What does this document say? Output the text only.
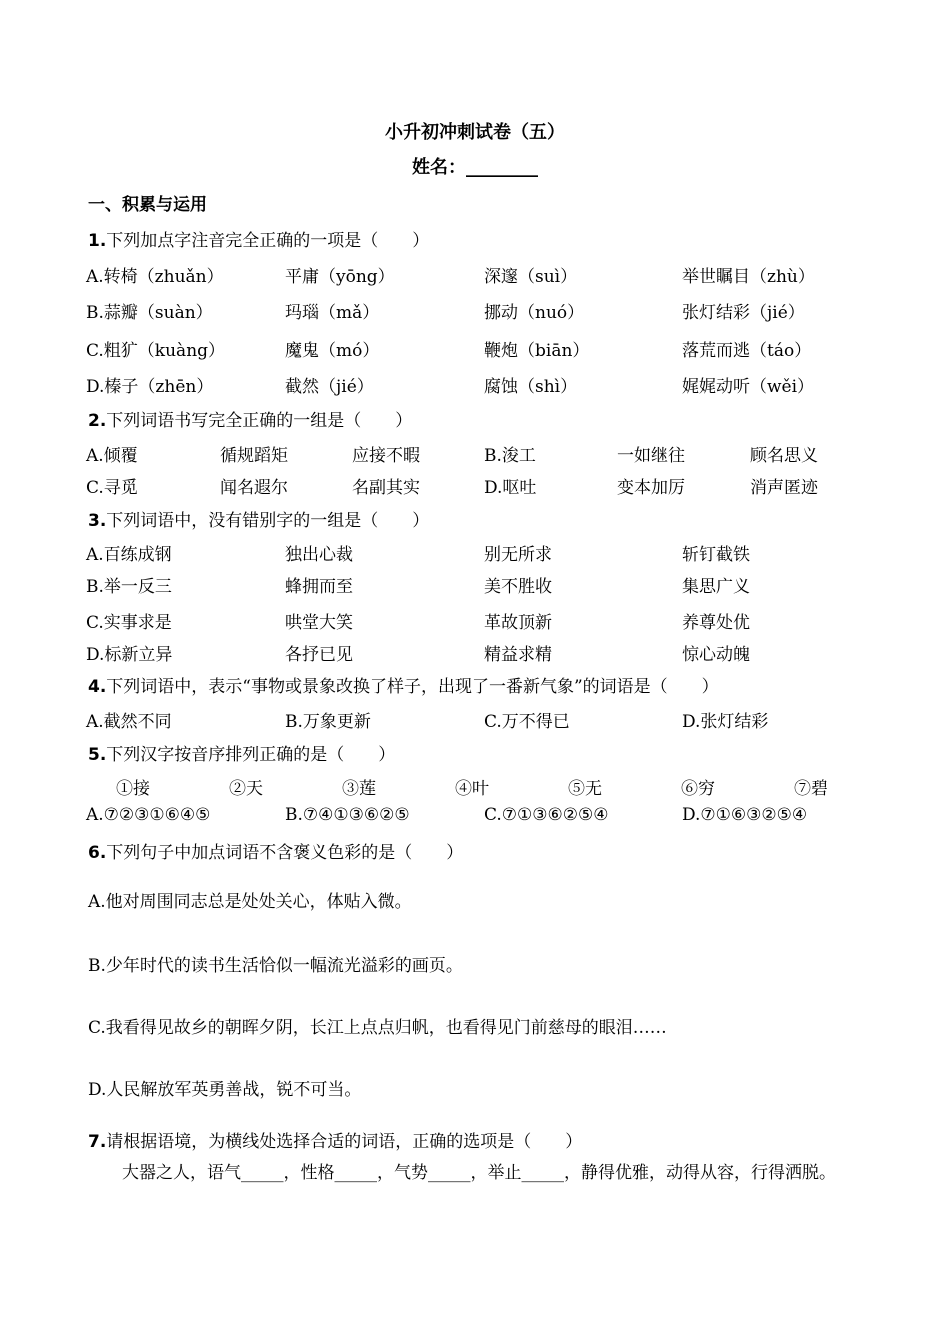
小升初冲刺试卷（五）
姓名：________
一、积累与运用
1.下列加点字注音完全正确的一项是（　　）
A.转椅（zhuǎn）	平庸（yōng）	深邃（suì）	举世瞩目（zhù）
B.蒜瓣（suàn）	玛瑙（mǎ）	挪动（nuó）	张灯结彩（jié）
C.粗犷（kuàng）	魔鬼（mó）	鞭炮（biān）	落荒而逃（táo）
D.榛子（zhēn）	截然（jié）	腐蚀（shì）	娓娓动听（wěi）
2.下列词语书写完全正确的一组是（　　）
A.倾覆	循规蹈矩	应接不暇	B.浚工	一如继往	顾名思义
C.寻觅	闻名遐尔	名副其实	D.呕吐	变本加厉	消声匿迹
3.下列词语中，没有错别字的一组是（　　）
A.百练成钢	独出心裁	别无所求	斩钉截铁
B.举一反三	蜂拥而至	美不胜收	集思广义
C.实事求是	哄堂大笑	革故顶新	养尊处优
D.标新立异	各抒已见	精益求精	惊心动魄
4.下列词语中，表示“事物或景象改换了样子，出现了一番新气象”的词语是（　　）
A.截然不同	B.万象更新	C.万不得已	D.张灯结彩
5.下列汉字按音序排列正确的是（　　）
①接	②天	③莲	④叶	⑤无	⑥穷	⑦碧
A.⑦②③①⑥④⑤	B.⑦④①③⑥②⑤	C.⑦①③⑥②⑤④	D.⑦①⑥③②⑤④
6.下列句子中加点词语不含褒义色彩的是（　　）
A.他对周围同志总是处处关心，体贴入微。
B.少年时代的读书生活恰似一幅流光溢彩的画页。
C.我看得见故乡的朝晖夕阴，长江上点点归帆，也看得见门前慈母的眼泪……
D.人民解放军英勇善战，锐不可当。
7.请根据语境，为横线处选择合适的词语，正确的选项是（　　）
大器之人，语气_____，性格_____，气势_____，举止_____，静得优雅，动得从容，行得洒脱。
